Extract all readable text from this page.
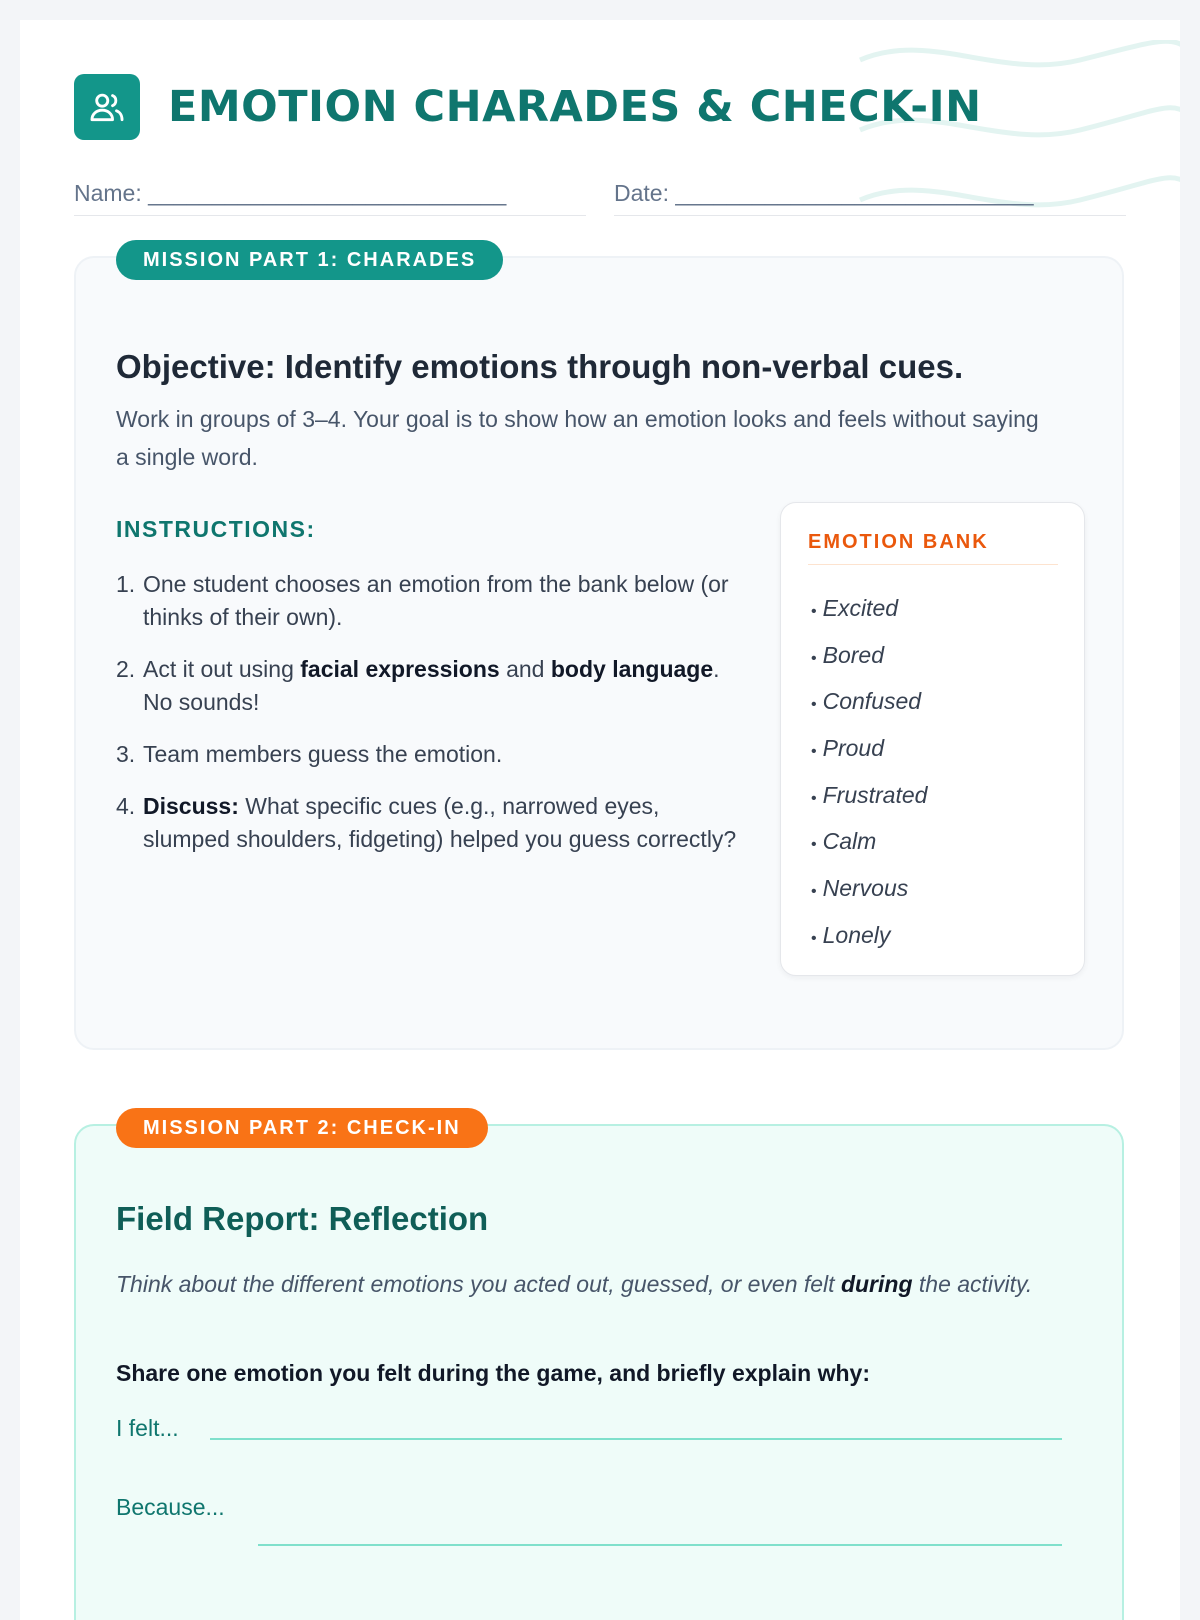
EMOTION CHARADES & CHECK-IN
Name: ____________________________	Date: ____________________________
MISSION PART 1: CHARADES
Objective: Identify emotions through non-verbal cues.

Work in groups of 3–4. Your goal is to show how an emotion looks and feels without saying a single word.

INSTRUCTIONS:
1. One student chooses an emotion from the bank below (or thinks of their own).
2. Act it out using facial expressions and body language. No sounds!
3. Team members guess the emotion.
4. Discuss: What specific cues (e.g., narrowed eyes, slumped shoulders, fidgeting) helped you guess correctly?
EMOTION BANK
• Excited
• Bored
• Confused
• Proud
• Frustrated
• Calm
• Nervous
• Lonely
MISSION PART 2: CHECK-IN
Field Report: Reflection

Think about the different emotions you acted out, guessed, or even felt during the activity.

Share one emotion you felt during the game, and briefly explain why:

I felt...
Because...
